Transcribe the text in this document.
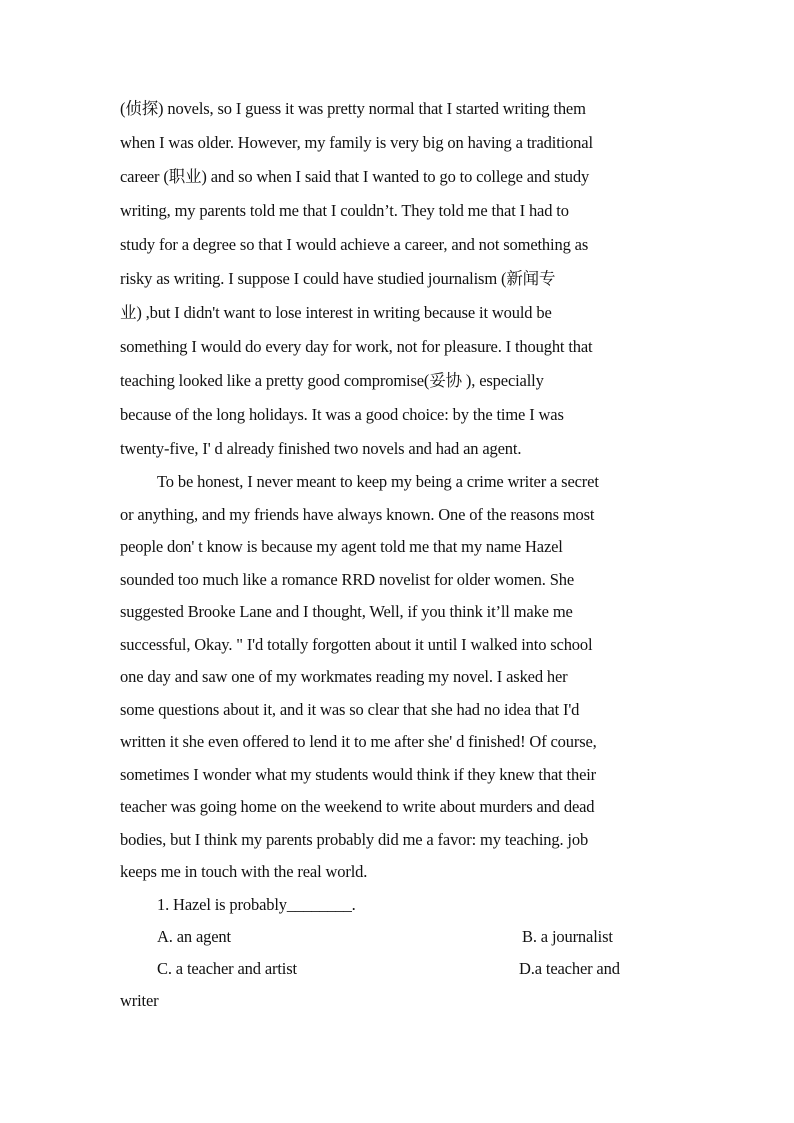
(侦探) novels, so I guess it was pretty normal that I started writing them
when I was older. However, my family is very big on having a traditional
career (职业) and so when I said that I wanted to go to college and study
writing, my parents told me that I couldn’t. They told me that I had to
study for a degree so that I would achieve a career, and not something as
risky as writing. I suppose I could have studied journalism (新闻专
业) ,but I didn't want to lose interest in writing because it would be
something I would do every day for work, not for pleasure. I thought that
teaching looked like a pretty good compromise(妥协 ), especially
because of the long holidays. It was a good choice: by the time I was
twenty-five, I' d already finished two novels and had an agent.
To be honest, I never meant to keep my being a crime writer a secret
or anything, and my friends have always known. One of the reasons most
people don' t know is because my agent told me that my name Hazel
sounded too much like a romance RRD novelist for older women. She
suggested Brooke Lane and I thought, Well, if you think it’ll make me
successful, Okay. " I'd totally forgotten about it until I walked into school
one day and saw one of my workmates reading my novel. I asked her
some questions about it, and it was so clear that she had no idea that I'd
written it she even offered to lend it to me after she' d finished! Of course,
sometimes I wonder what my students would think if they knew that their
teacher was going home on the weekend to write about murders and dead
bodies, but I think my parents probably did me a favor: my teaching. job
keeps me in touch with the real world.
1. Hazel is probably________.
A. an agent	B. a journalist
C. a teacher and artist	D.a teacher and
writer
